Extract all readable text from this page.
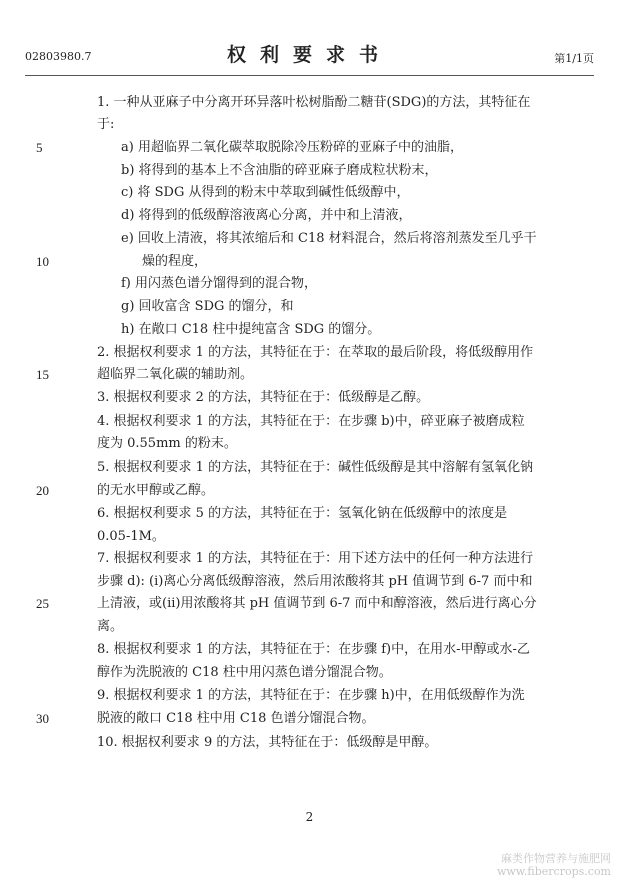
02803980.7	权利要求书	第1/1页
5
10
15
20
25
30
1. 一种从亚麻子中分离开环异落叶松树脂酚二糖苷(SDG)的方法，其特征在
于:
a) 用超临界二氧化碳萃取脱除冷压粉碎的亚麻子中的油脂，
b) 将得到的基本上不含油脂的碎亚麻子磨成粒状粉末，
c) 将 SDG 从得到的粉末中萃取到碱性低级醇中，
d) 将得到的低级醇溶液离心分离，并中和上清液，
e) 回收上清液，将其浓缩后和 C18 材料混合，然后将溶剂蒸发至几乎干
燥的程度，
f) 用闪蒸色谱分馏得到的混合物，
g) 回收富含 SDG 的馏分，和
h) 在敞口 C18 柱中提纯富含 SDG 的馏分。
2. 根据权利要求 1 的方法，其特征在于：在萃取的最后阶段，将低级醇用作
超临界二氧化碳的辅助剂。
3. 根据权利要求 2 的方法，其特征在于：低级醇是乙醇。
4. 根据权利要求 1 的方法，其特征在于：在步骤 b)中，碎亚麻子被磨成粒
度为 0.55mm 的粉末。
5. 根据权利要求 1 的方法，其特征在于：碱性低级醇是其中溶解有氢氧化钠
的无水甲醇或乙醇。
6. 根据权利要求 5 的方法，其特征在于：氢氧化钠在低级醇中的浓度是
0.05-1M。
7. 根据权利要求 1 的方法，其特征在于：用下述方法中的任何一种方法进行
步骤 d): (i)离心分离低级醇溶液，然后用浓酸将其 pH 值调节到 6-7 而中和
上清液，或(ii)用浓酸将其 pH 值调节到 6-7 而中和醇溶液，然后进行离心分
离。
8. 根据权利要求 1 的方法，其特征在于：在步骤 f)中，在用水-甲醇或水-乙
醇作为洗脱液的 C18 柱中用闪蒸色谱分馏混合物。
9. 根据权利要求 1 的方法，其特征在于：在步骤 h)中，在用低级醇作为洗
脱液的敞口 C18 柱中用 C18 色谱分馏混合物。
10. 根据权利要求 9 的方法，其特征在于：低级醇是甲醇。
2
麻类作物营养与施肥网
www.fibercrops.com
